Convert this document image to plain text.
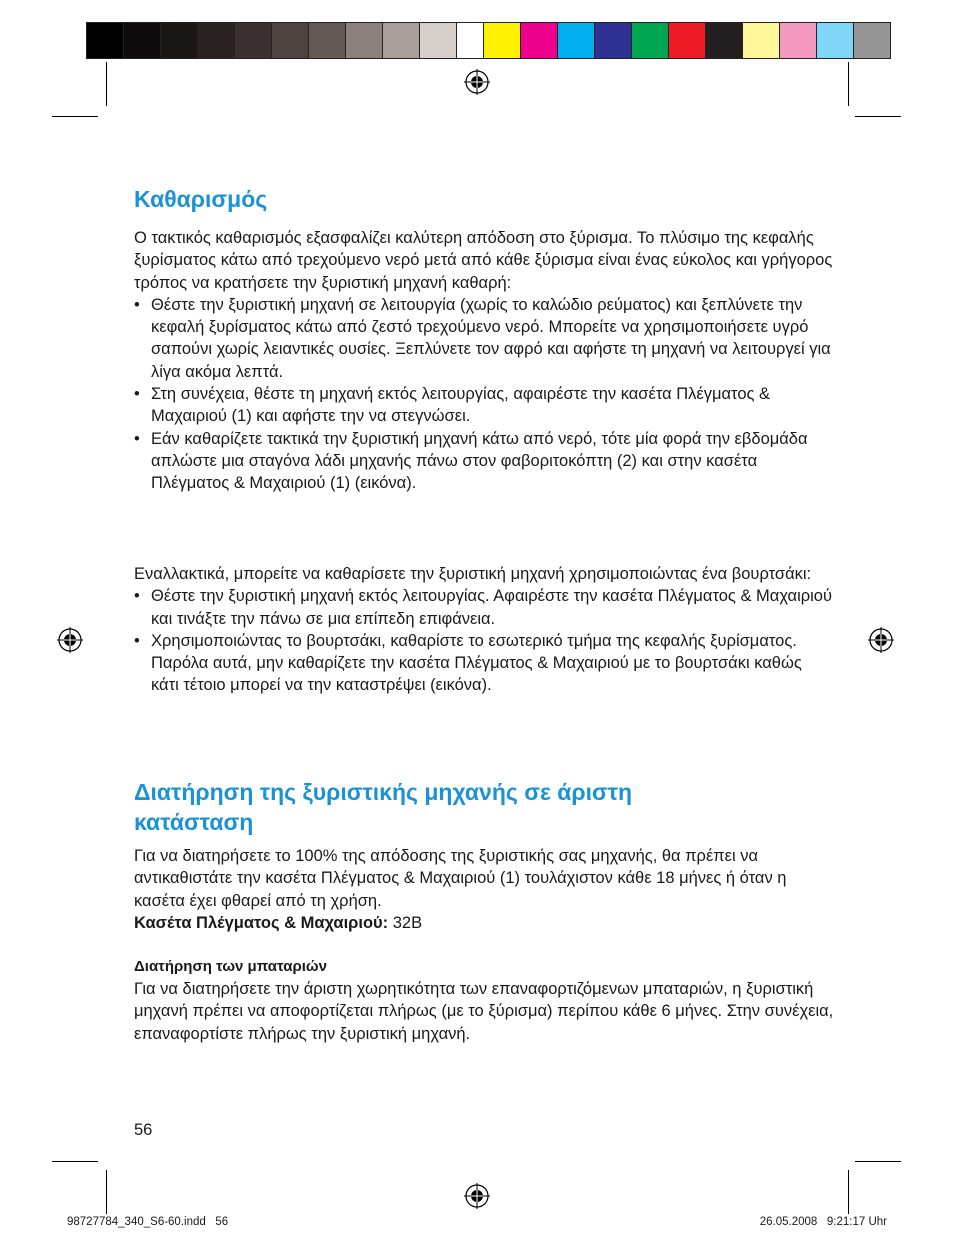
Καθαρισμός

Ο τακτικός καθαρισμός εξασφαλίζει καλύτερη απόδοση στο ξύρισμα. Το πλύσιμο της κεφαλής ξυρίσματος κάτω από τρεχούμενο νερό μετά από κάθε ξύρισμα είναι ένας εύκολος και γρήγορος τρόπος να κρατήσετε την ξυριστική μηχανή καθαρή:

• Θέστε την ξυριστική μηχανή σε λειτουργία (χωρίς το καλώδιο ρεύματος) και ξεπλύνετε την κεφαλή ξυρίσματος κάτω από ζεστό τρεχούμενο νερό. Μπορείτε να χρησιμοποιήσετε υγρό σαπούνι χωρίς λειαντικές ουσίες. Ξεπλύνετε τον αφρό και αφήστε τη μηχανή να λειτουργεί για λίγα ακόμα λεπτά.
• Στη συνέχεια, θέστε τη μηχανή εκτός λειτουργίας, αφαιρέστε την κασέτα Πλέγματος & Μαχαιριού (1) και αφήστε την να στεγνώσει.
• Εάν καθαρίζετε τακτικά την ξυριστική μηχανή κάτω από νερό, τότε μία φορά την εβδομάδα απλώστε μια σταγόνα λάδι μηχανής πάνω στον φαβοριτοκόπτη (2) και στην κασέτα Πλέγματος & Μαχαιριού (1) (εικόνα).

Εναλλακτικά, μπορείτε να καθαρίσετε την ξυριστική μηχανή χρησιμοποιώντας ένα βουρτσάκι:

• Θέστε την ξυριστική μηχανή εκτός λειτουργίας. Αφαιρέστε την κασέτα Πλέγματος & Μαχαιριού και τινάξτε την πάνω σε μια επίπεδη επιφάνεια.
• Χρησιμοποιώντας το βουρτσάκι, καθαρίστε το εσωτερικό τμήμα της κεφαλής ξυρίσματος. Παρόλα αυτά, μην καθαρίζετε την κασέτα Πλέγματος & Μαχαιριού με το βουρτσάκι καθώς κάτι τέτοιο μπορεί να την καταστρέψει (εικόνα).
Διατήρηση της ξυριστικής μηχανής σε άριστη
κατάσταση

Για να διατηρήσετε το 100% της απόδοσης της ξυριστικής σας μηχανής, θα πρέπει να αντικαθιστάτε την κασέτα Πλέγματος & Μαχαιριού (1) τουλάχιστον κάθε 18 μήνες ή όταν η κασέτα έχει φθαρεί από τη χρήση.

Κασέτα Πλέγματος & Μαχαιριού: 32B

Διατήρηση των μπαταριών

Για να διατηρήσετε την άριστη χωρητικότητα των επαναφορτιζόμενων μπαταριών, η ξυριστική μηχανή πρέπει να αποφορτίζεται πλήρως (με το ξύρισμα) περίπου κάθε 6 μήνες. Στην συνέχεια, επαναφορτίστε πλήρως την ξυριστική μηχανή.

56
98727784_340_S6-60.indd   56	26.05.2008   9:21:17 Uhr
